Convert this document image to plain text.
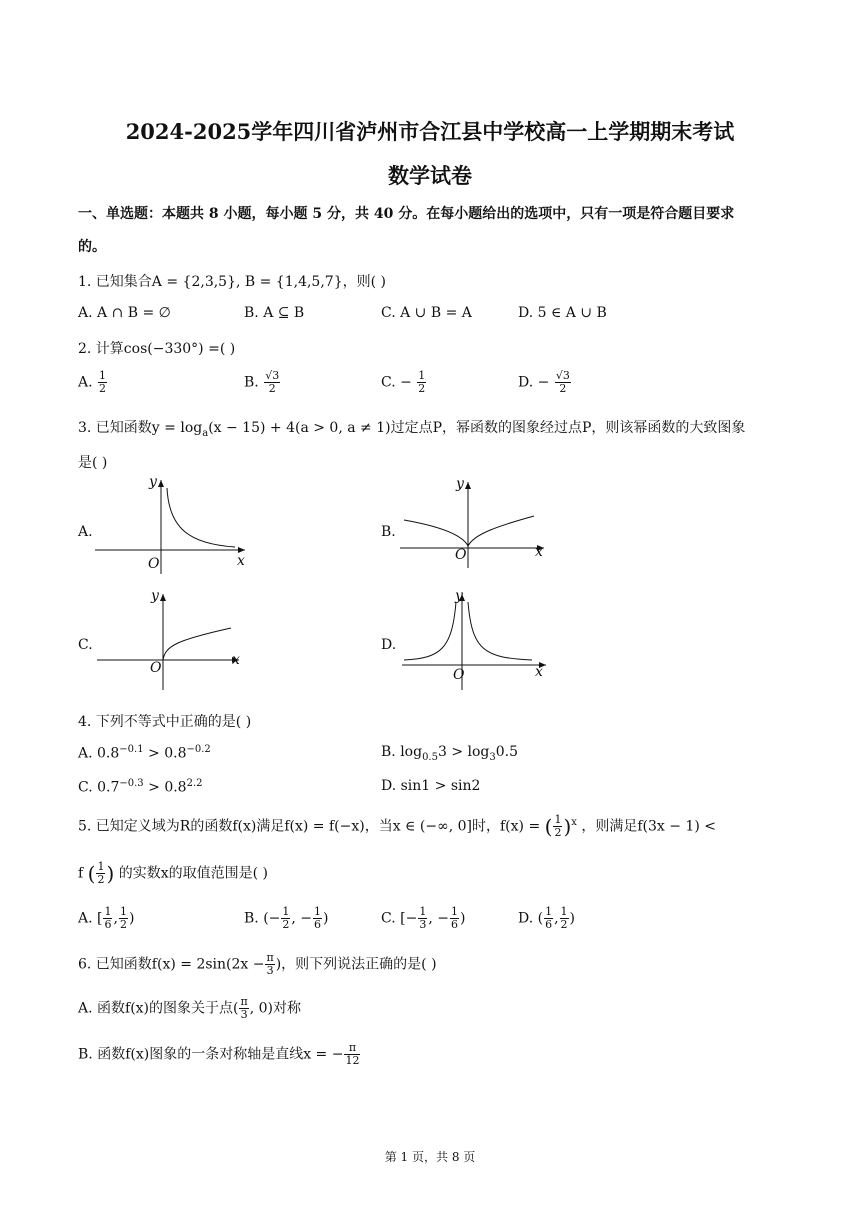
2024-2025学年四川省泸州市合江县中学校高一上学期期末考试
数学试卷
一、单选题：本题共 8 小题，每小题 5 分，共 40 分。在每小题给出的选项中，只有一项是符合题目要求
的。
1. 已知集合A = {2,3,5}, B = {1,4,5,7}，则( )
A. A ∩ B = ∅	B. A ⊆ B	C. A ∪ B = A	D. 5 ∈ A ∪ B
2. 计算cos(−330°) =( )
A. $\frac{1}{2}$	B. $\frac{√3}{2}$	C. − $\frac{1}{2}$	D. − $\frac{√3}{2}$
3. 已知函数$y = \log_a(x - 15) + 4(a > 0$, a ≠ 1)过定点P，幂函数的图象经过点P，则该幂函数的大致图象
是( )
A.	B.
C.	D.
y
x
O
y
x
O
y
x
O
y
x
O
4. 下列不等式中正确的是( )
A. $0.8^{-0.1} > 0.8^{-0.2}$	B. $\log_{0.5}3 > \log_30.5$
C. $0.7^{-0.3} > 0.8^{2.2}$	D. sin1 > sin2
5. 已知定义域为R的函数f(x)满足f(x) = f(−x)，当x ∈ (−∞, 0]时，f(x) = ( $\frac{1}{2} )^x$ ，则满足f(3x − 1) <
f ( $\frac{1}{2}$ ) 的实数x的取值范围是( )
A. [ $\frac{1}{6}$ , $\frac{1}{2}$ )	B. (− $\frac{1}{2}$ , − $\frac{1}{6}$ )	C. [− $\frac{1}{3}$ , − $\frac{1}{6}$ )	D. ( $\frac{1}{6}$ , $\frac{1}{2}$ )
6. 已知函数$f(x) = 2\sin(2x - \frac{\pi}{3}$ )，则下列说法正确的是( )
A. 函数f(x)的图象关于点( $\frac{\pi}{3}$ , 0)对称
B. 函数f(x)图象的一条对称轴是直线x = − $\frac{\pi}{12}$
第 1 页，共 8 页
